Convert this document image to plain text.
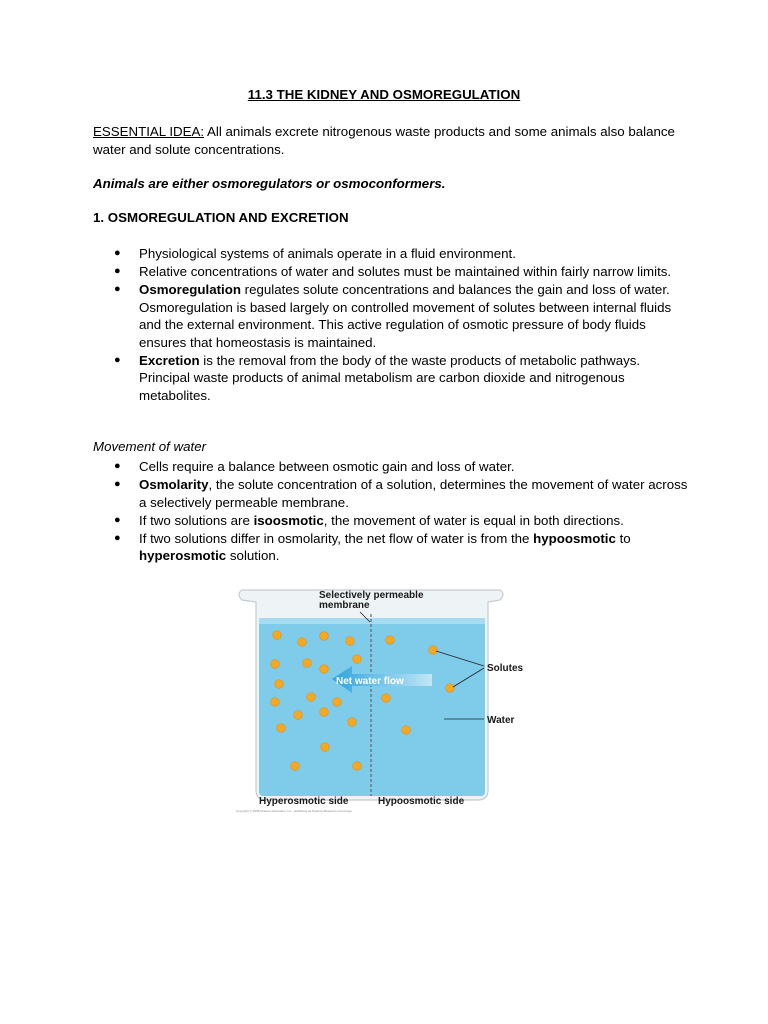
11.3 THE KIDNEY AND OSMOREGULATION

ESSENTIAL IDEA: All animals excrete nitrogenous waste products and some animals also balance water and solute concentrations.

Animals are either osmoregulators or osmoconformers.

1. OSMOREGULATION AND EXCRETION
● Physiological systems of animals operate in a fluid environment.
● Relative concentrations of water and solutes must be maintained within fairly narrow limits.
● Osmoregulation regulates solute concentrations and balances the gain and loss of water. Osmoregulation is based largely on controlled movement of solutes between internal fluids and the external environment. This active regulation of osmotic pressure of body fluids ensures that homeostasis is maintained.
● Excretion is the removal from the body of the waste products of metabolic pathways. Principal waste products of animal metabolism are carbon dioxide and nitrogenous metabolites.

Movement of water

● Cells require a balance between osmotic gain and loss of water.
● Osmolarity, the solute concentration of a solution, determines the movement of water across a selectively permeable membrane.
● If two solutions are isoosmotic, the movement of water is equal in both directions.
● If two solutions differ in osmolarity, the net flow of water is from the hypoosmotic to hyperosmotic solution.
Net water flow
Selectively permeable
membrane
Solutes
Water
Hyperosmotic side	Hypoosmotic side
Copyright © 2008 Pearson Education, Inc., publishing as Pearson Benjamin Cummings.
